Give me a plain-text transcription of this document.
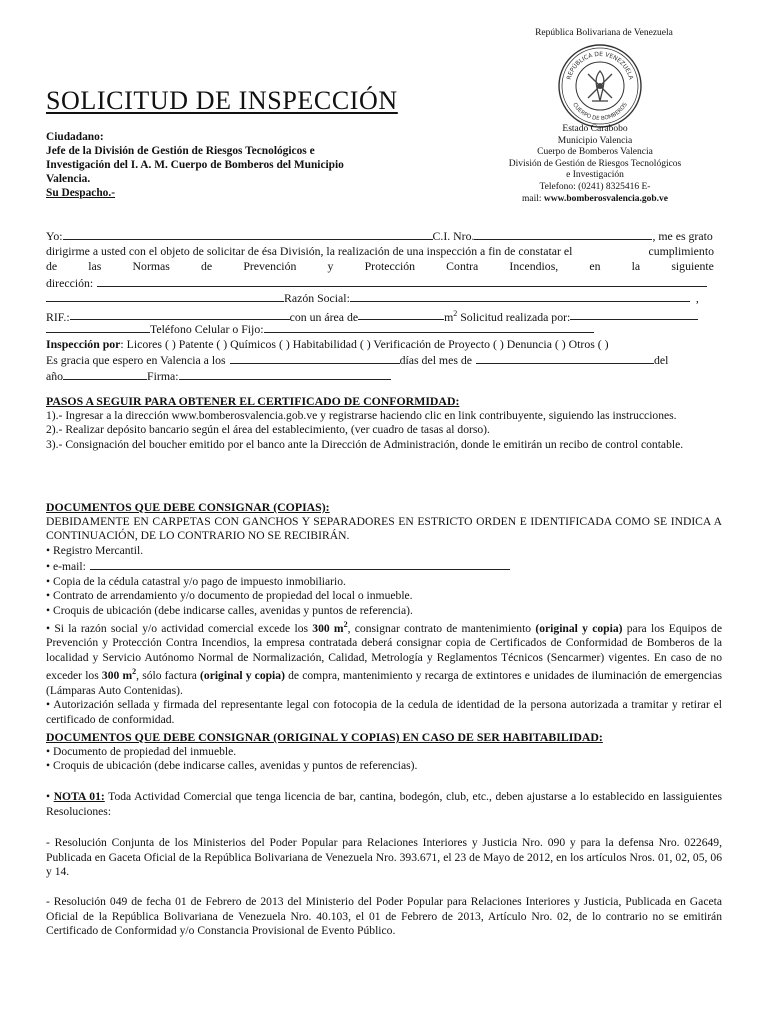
República Bolivariana de Venezuela
REPÚBLICA DE VENEZUELA
CUERPO DE BOMBEROS
Estado Carabobo
Municipio Valencia
Cuerpo de Bomberos Valencia
División de Gestión de Riesgos Tecnológicos
e Investigación
Telefono: (0241) 8325416 E-
mail: www.bomberosvalencia.gob.ve
SOLICITUD DE INSPECCIÓN
Ciudadano:
Jefe de la División de Gestión de Riesgos Tecnológicos e Investigación del I. A. M. Cuerpo de Bomberos del Municipio Valencia.
Su Despacho.-
Yo:	C.I. Nro.	, me es grato
dirigirme a usted con el objeto de solicitar de ésa División, la realización de una inspección a fin de constatar el	cumplimiento
de	las	Normas	de	Prevención	y	Protección	Contra	Incendios,	en	la	siguiente
dirección:
Razón Social:	,
RIF.:	con un área de	$m^2$ Solicitud realizada por:
Teléfono Celular o Fijo:
Inspección por: Licores ( ) Patente ( ) Químicos ( ) Habitabilidad ( ) Verificación de Proyecto ( ) Denuncia ( ) Otros ( )
Es gracia que espero en Valencia a los	días del mes de	del
año	Firma:
PASOS A SEGUIR PARA OBTENER EL CERTIFICADO DE CONFORMIDAD:

1).- Ingresar a la dirección www.bomberosvalencia.gob.ve y registrarse haciendo clic en link contribuyente, siguiendo las instrucciones.

2).- Realizar depósito bancario según el área del establecimiento, (ver cuadro de tasas al dorso).

3).- Consignación del boucher emitido por el banco ante la Dirección de Administración, donde le emitirán un recibo de control contable.

DOCUMENTOS QUE DEBE CONSIGNAR (COPIAS):

DEBIDAMENTE EN CARPETAS CON GANCHOS Y SEPARADORES EN ESTRICTO ORDEN E IDENTIFICADA COMO SE INDICA A CONTINUACIÓN, DE LO CONTRARIO NO SE RECIBIRÁN.

• Registro Mercantil.
• e-mail:
• Copia de la cédula catastral y/o pago de impuesto inmobiliario.
• Contrato de arrendamiento y/o documento de propiedad del local o inmueble.
• Croquis de ubicación (debe indicarse calles, avenidas y puntos de referencia).
• Si la razón social y/o actividad comercial excede los 300 $m^2$, consignar contrato de mantenimiento (original y copia) para los Equipos de Prevención y Protección Contra Incendios, la empresa contratada deberá consignar copia de Certificados de Conformidad de Bomberos de la localidad y Servicio Autónomo Normal de Normalización, Calidad, Metrología y Reglamentos Técnicos (Sencarmer) vigentes. En caso de no exceder los 300 $m^2$, sólo factura (original y copia) de compra, mantenimiento y recarga de extintores e unidades de iluminación de emergencias (Lámparas Auto Contenidas).
• Autorización sellada y firmada del representante legal con fotocopia de la cedula de identidad de la persona autorizada a tramitar y retirar el certificado de conformidad.
DOCUMENTOS QUE DEBE CONSIGNAR (ORIGINAL Y COPIAS) EN CASO DE SER HABITABILIDAD:
• Documento de propiedad del inmueble.
• Croquis de ubicación (debe indicarse calles, avenidas y puntos de referencias).

• NOTA 01: Toda Actividad Comercial que tenga licencia de bar, cantina, bodegón, club, etc., deben ajustarse a lo establecido en lassiguientes Resoluciones:

- Resolución Conjunta de los Ministerios del Poder Popular para Relaciones Interiores y Justicia Nro. 090 y para la defensa Nro. 022649, Publicada en Gaceta Oficial de la República Bolivariana de Venezuela Nro. 393.671, el 23 de Mayo de 2012, en los artículos Nros. 01, 02, 05, 06 y 14.
- Resolución 049 de fecha 01 de Febrero de 2013 del Ministerio del Poder Popular para Relaciones Interiores y Justicia, Publicada en Gaceta Oficial de la República Bolivariana de Venezuela Nro. 40.103, el 01 de Febrero de 2013, Artículo Nro. 02, de lo contrario no se emitirán Certificado de Conformidad y/o Constancia Provisional de Evento Público.
